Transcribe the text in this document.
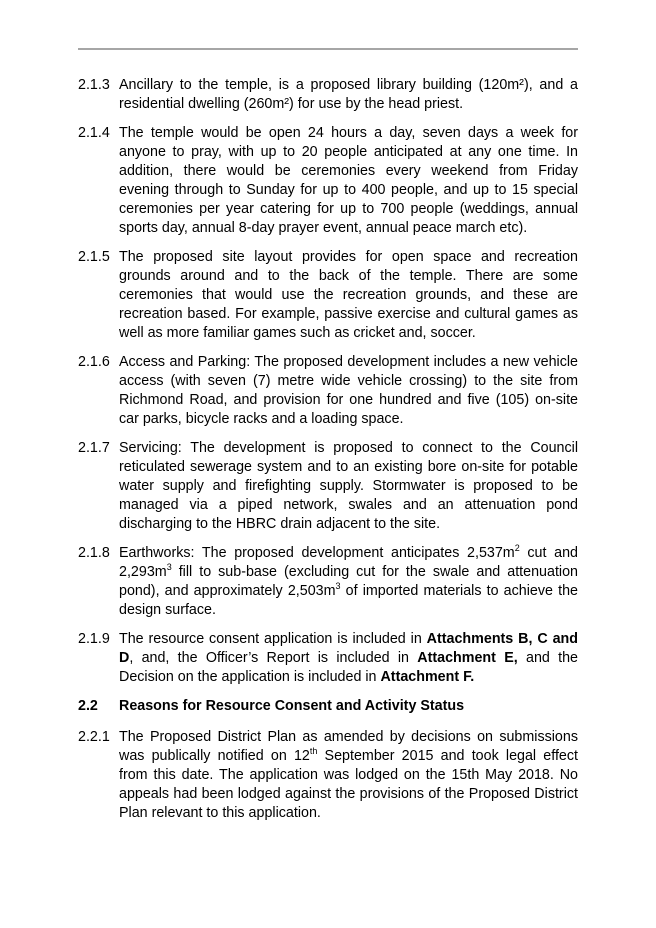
2.1.3 Ancillary to the temple, is a proposed library building (120m²), and a residential dwelling (260m²) for use by the head priest.

2.1.4 The temple would be open 24 hours a day, seven days a week for anyone to pray, with up to 20 people anticipated at any one time. In addition, there would be ceremonies every weekend from Friday evening through to Sunday for up to 400 people, and up to 15 special ceremonies per year catering for up to 700 people (weddings, annual sports day, annual 8-day prayer event, annual peace march etc).

2.1.5 The proposed site layout provides for open space and recreation grounds around and to the back of the temple. There are some ceremonies that would use the recreation grounds, and these are recreation based. For example, passive exercise and cultural games as well as more familiar games such as cricket and, soccer.

2.1.6 Access and Parking: The proposed development includes a new vehicle access (with seven (7) metre wide vehicle crossing) to the site from Richmond Road, and provision for one hundred and five (105) on-site car parks, bicycle racks and a loading space.

2.1.7 Servicing: The development is proposed to connect to the Council reticulated sewerage system and to an existing bore on-site for potable water supply and firefighting supply. Stormwater is proposed to be managed via a piped network, swales and an attenuation pond discharging to the HBRC drain adjacent to the site.

2.1.8 Earthworks: The proposed development anticipates $2,537m^2$ cut and $2,293m^3$ fill to sub-base (excluding cut for the swale and attenuation pond), and approximately $2,503m^3$ of imported materials to achieve the design surface.

2.1.9 The resource consent application is included in Attachments B, C and D, and, the Officer’s Report is included in Attachment E, and the Decision on the application is included in Attachment F.

2.2 Reasons for Resource Consent and Activity Status

2.2.1 The Proposed District Plan as amended by decisions on submissions was publically notified on 12th September 2015 and took legal effect from this date. The application was lodged on the 15th May 2018. No appeals had been lodged against the provisions of the Proposed District Plan relevant to this application.
